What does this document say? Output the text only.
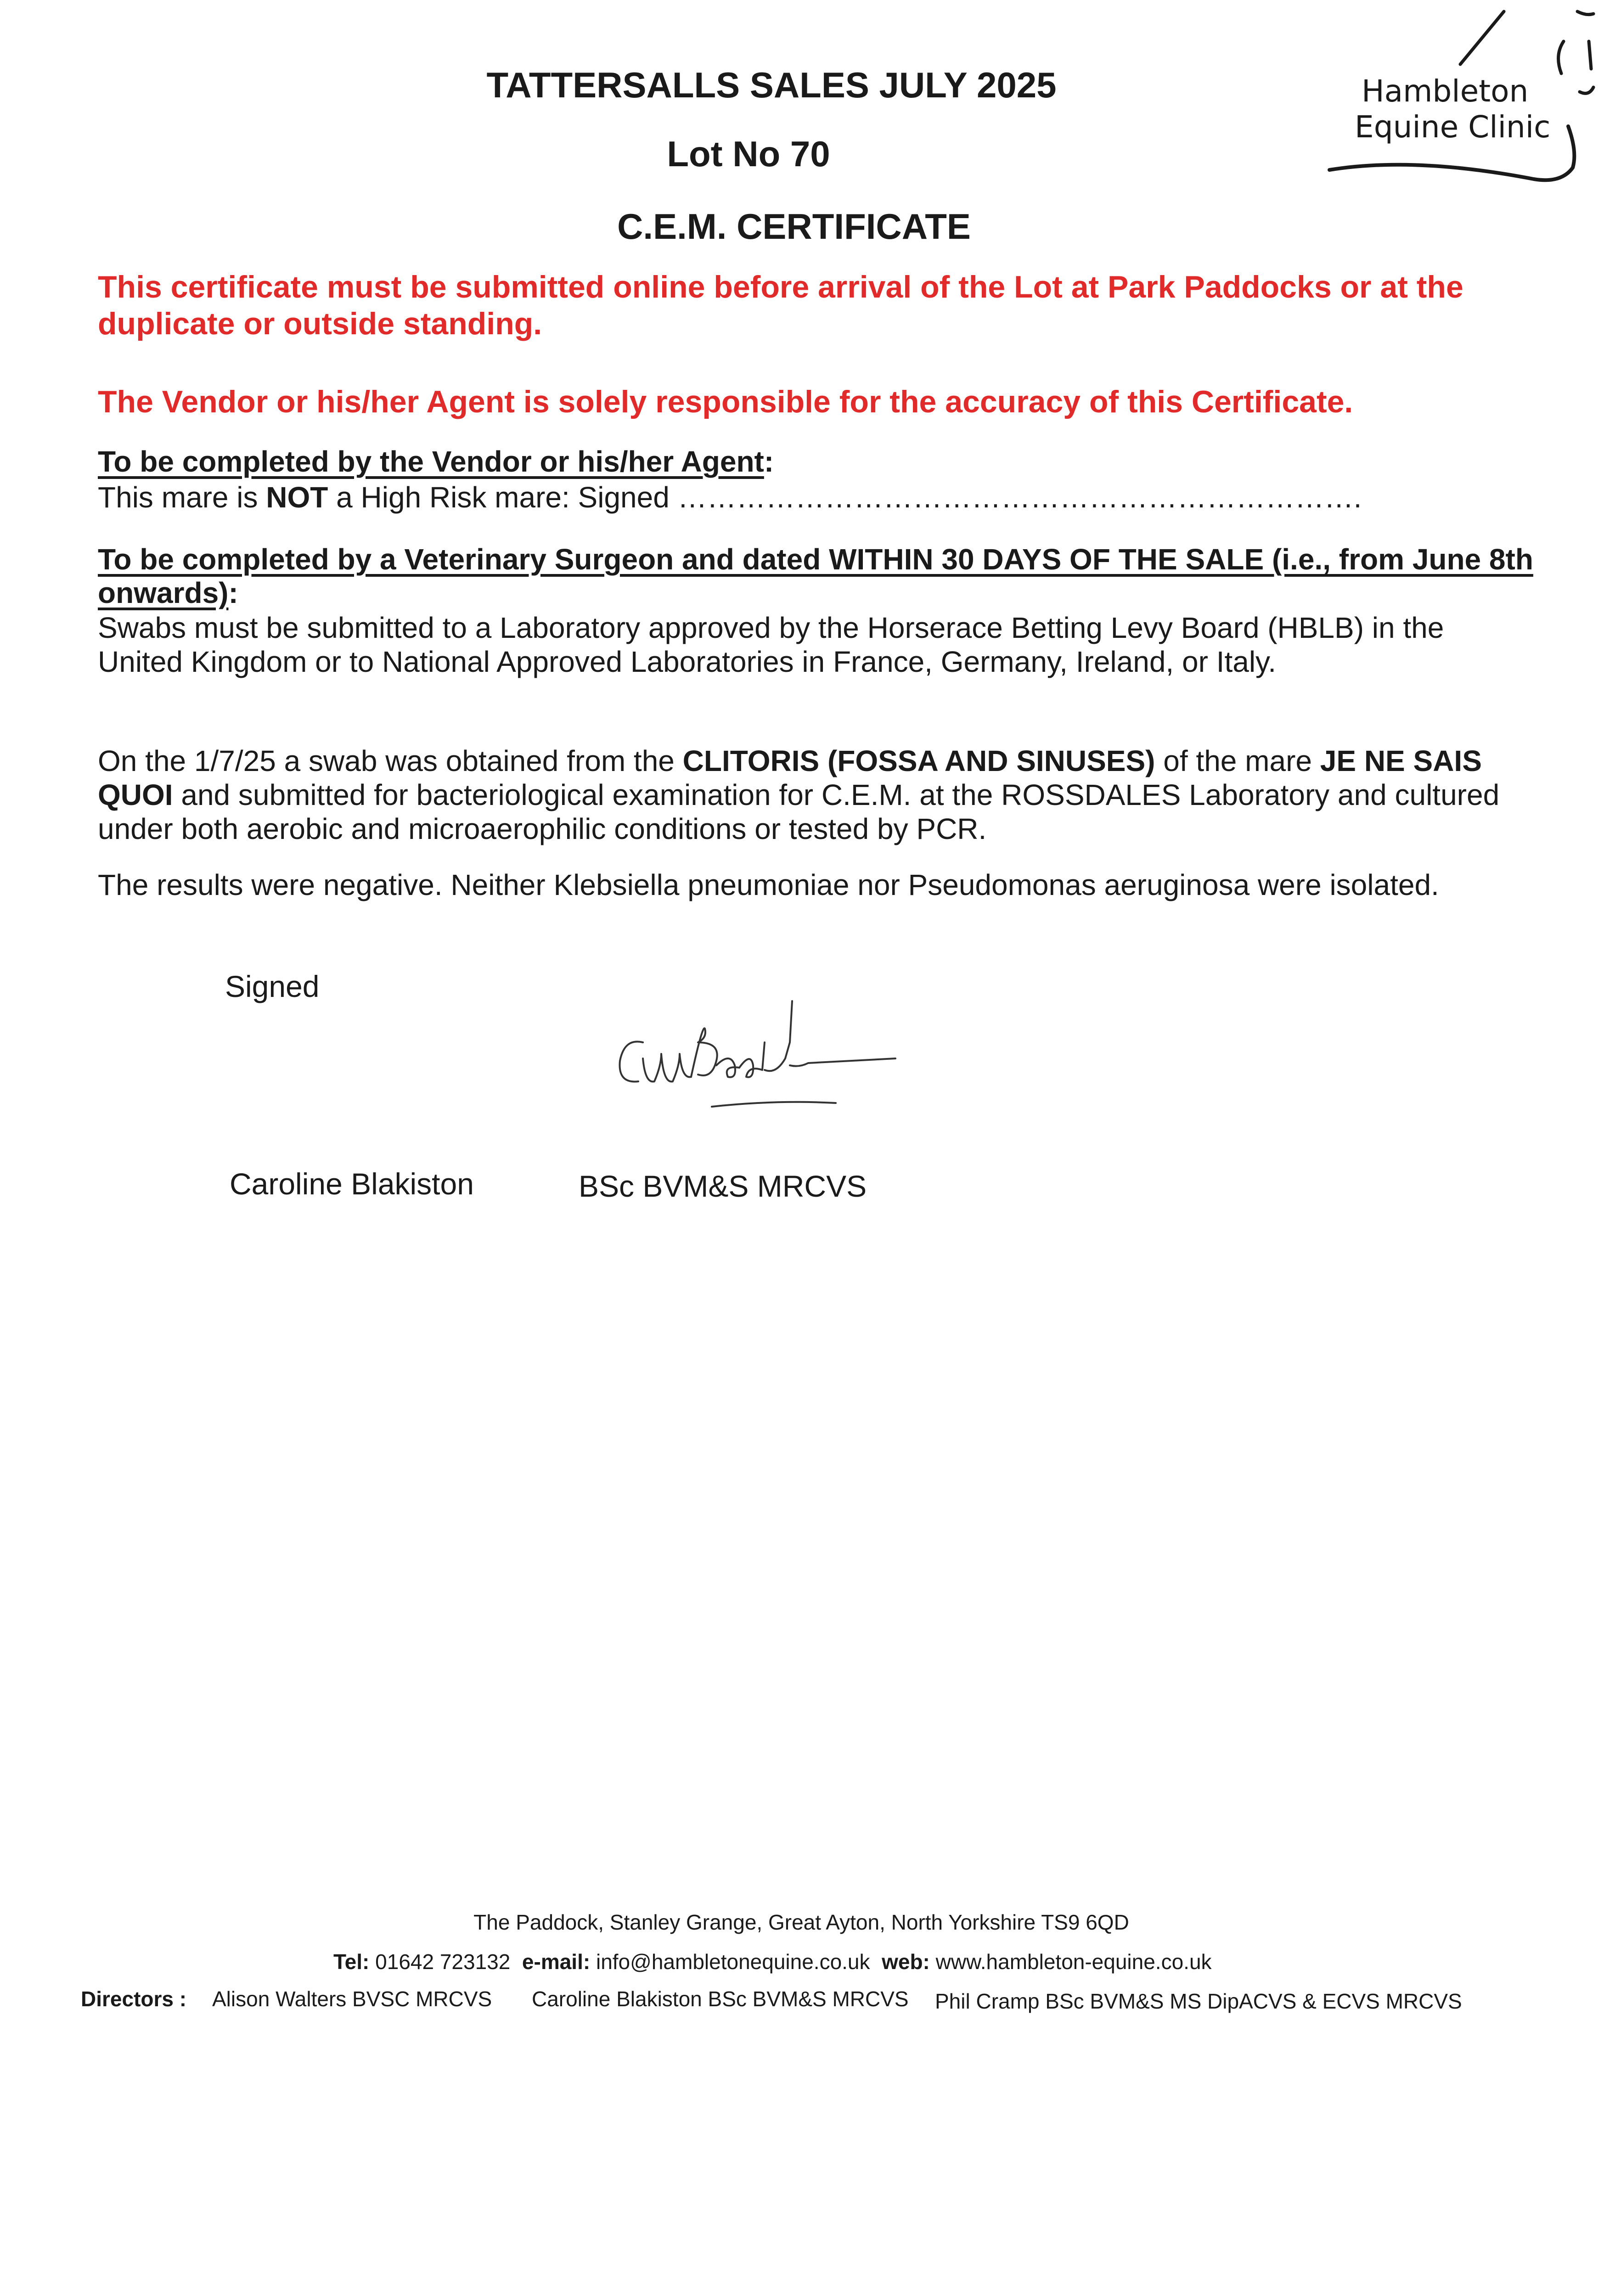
TATTERSALLS SALES JULY 2025
Lot No 70
C.E.M. CERTIFICATE
Hambleton
Equine Clinic
This certificate must be submitted online before arrival of the Lot at Park Paddocks or at the duplicate or outside standing.
The Vendor or his/her Agent is solely responsible for the accuracy of this Certificate.
To be completed by the Vendor or his/her Agent:
This mare is NOT a High Risk mare: Signed …………………………………………………………….
To be completed by a Veterinary Surgeon and dated WITHIN 30 DAYS OF THE SALE (i.e., from June 8th onwards):
Swabs must be submitted to a Laboratory approved by the Horserace Betting Levy Board (HBLB) in the United Kingdom or to National Approved Laboratories in France, Germany, Ireland, or Italy.
On the 1/7/25 a swab was obtained from the CLITORIS (FOSSA AND SINUSES) of the mare JE NE SAIS QUOI and submitted for bacteriological examination for C.E.M. at the ROSSDALES Laboratory and cultured under both aerobic and microaerophilic conditions or tested by PCR.
The results were negative. Neither Klebsiella pneumoniae nor Pseudomonas aeruginosa were isolated.
Signed
Caroline Blakiston	BSc BVM&S MRCVS
The Paddock, Stanley Grange, Great Ayton, North Yorkshire TS9 6QD
Tel: 01642 723132 e-mail: info@hambletonequine.co.uk web: www.hambleton-equine.co.uk
Directors : Alison Walters BVSC MRCVS Caroline Blakiston BSc BVM&S MRCVS Phil Cramp BSc BVM&S MS DipACVS & ECVS MRCVS
